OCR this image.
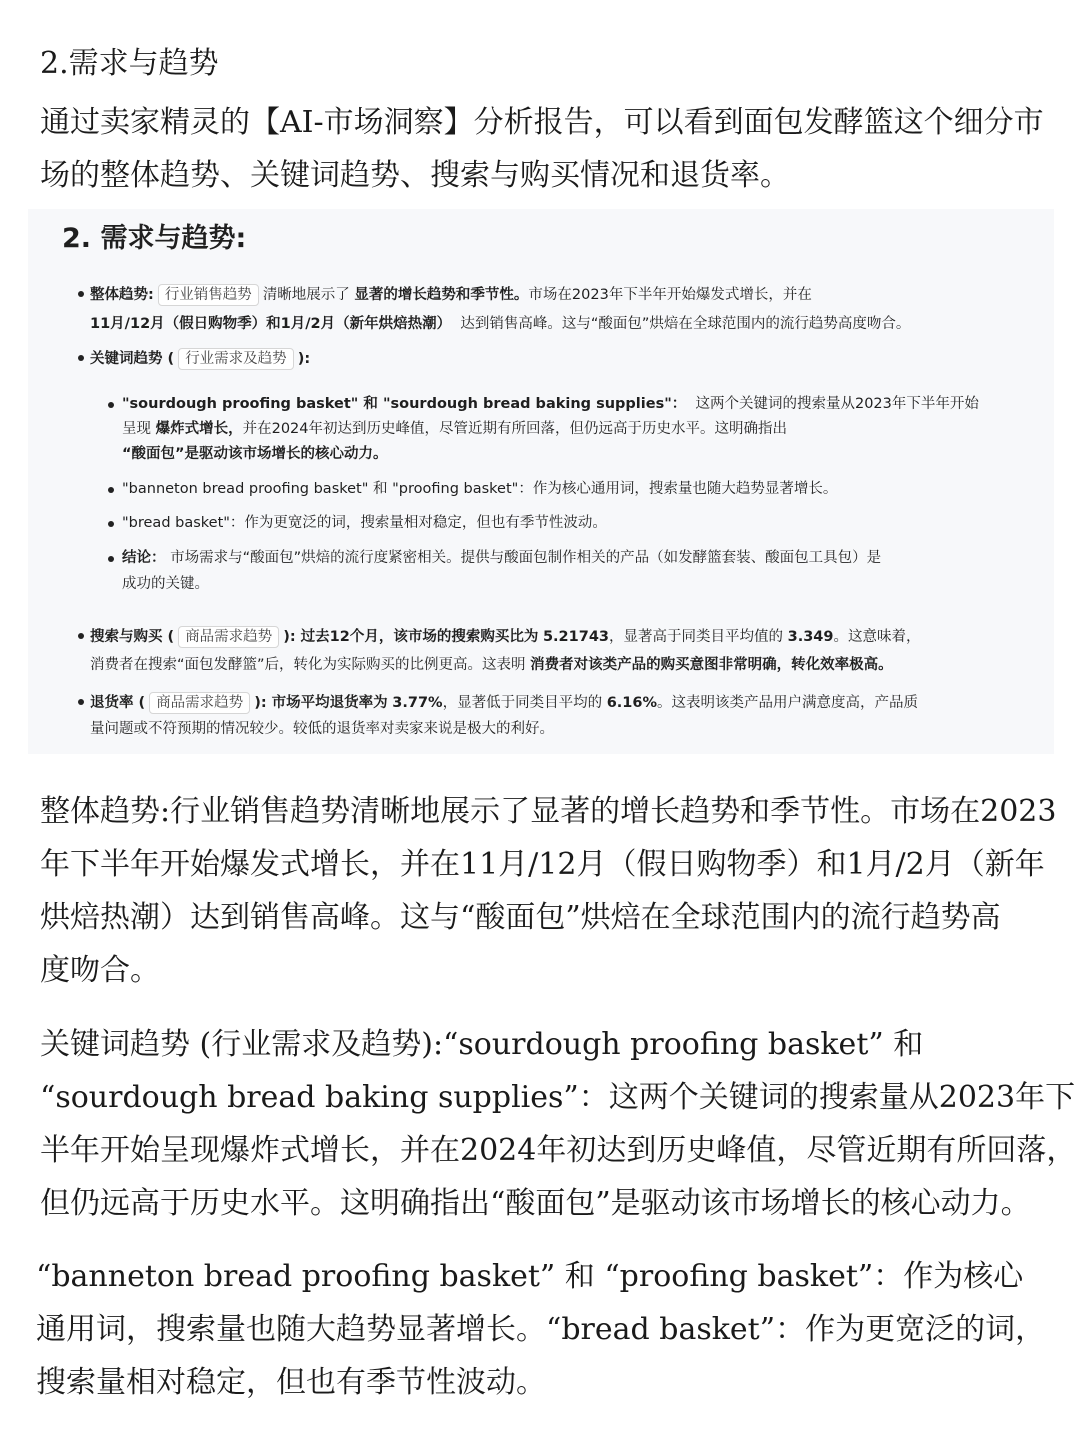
2.需求与趋势
通过卖家精灵的【AI-市场洞察】分析报告，可以看到面包发酵篮这个细分市
场的整体趋势、关键词趋势、搜索与购买情况和退货率。
2. 需求与趋势:
整体趋势: 行业销售趋势 清晰地展示了 显著的增长趋势和季节性。市场在2023年下半年开始爆发式增长，并在
11月/12月（假日购物季）和1月/2月（新年烘焙热潮） 达到销售高峰。这与“酸面包”烘焙在全球范围内的流行趋势高度吻合。
关键词趋势 ( 行业需求及趋势 ):
"sourdough proofing basket" 和 "sourdough bread baking supplies"： 这两个关键词的搜索量从2023年下半年开始
呈现 爆炸式增长，并在2024年初达到历史峰值，尽管近期有所回落，但仍远高于历史水平。这明确指出
“酸面包”是驱动该市场增长的核心动力。
"banneton bread proofing basket" 和 "proofing basket"：作为核心通用词，搜索量也随大趋势显著增长。
"bread basket"：作为更宽泛的词，搜索量相对稳定，但也有季节性波动。
结论： 市场需求与“酸面包”烘焙的流行度紧密相关。提供与酸面包制作相关的产品（如发酵篮套装、酸面包工具包）是
成功的关键。
搜索与购买 ( 商品需求趋势 ): 过去12个月，该市场的搜索购买比为 5.21743，显著高于同类目平均值的 3.349。这意味着，
消费者在搜索“面包发酵篮”后，转化为实际购买的比例更高。这表明 消费者对该类产品的购买意图非常明确，转化效率极高。
退货率 ( 商品需求趋势 ): 市场平均退货率为 3.77%，显著低于同类目平均的 6.16%。这表明该类产品用户满意度高，产品质
量问题或不符预期的情况较少。较低的退货率对卖家来说是极大的利好。
整体趋势:行业销售趋势清晰地展示了显著的增长趋势和季节性。市场在2023
年下半年开始爆发式增长，并在11月/12月（假日购物季）和1月/2月（新年
烘焙热潮）达到销售高峰。这与“酸面包”烘焙在全球范围内的流行趋势高
度吻合。
关键词趋势 (行业需求及趋势):“sourdough proofing basket” 和
“sourdough bread baking supplies”：这两个关键词的搜索量从2023年下
半年开始呈现爆炸式增长，并在2024年初达到历史峰值，尽管近期有所回落，
但仍远高于历史水平。这明确指出“酸面包”是驱动该市场增长的核心动力。
“banneton bread proofing basket” 和 “proofing basket”：作为核心
通用词，搜索量也随大趋势显著增长。“bread basket”：作为更宽泛的词，
搜索量相对稳定，但也有季节性波动。
